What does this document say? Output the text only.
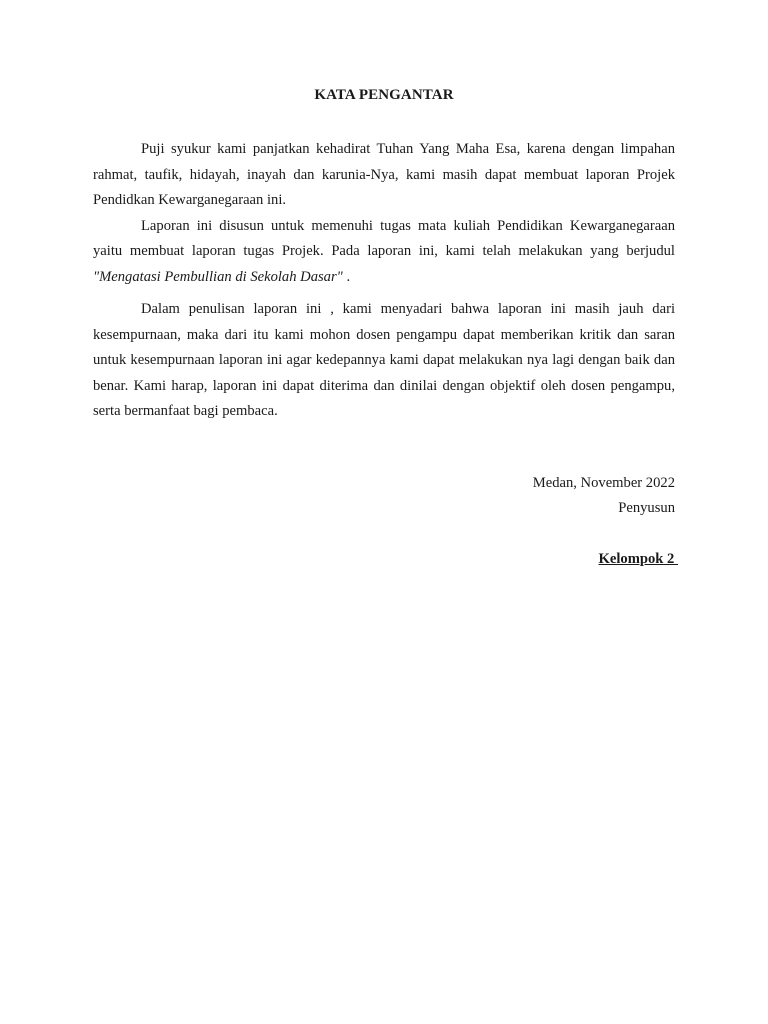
KATA PENGANTAR

Puji syukur kami panjatkan kehadirat Tuhan Yang Maha Esa, karena dengan limpahan rahmat, taufik, hidayah, inayah dan karunia-Nya, kami masih dapat membuat laporan Projek Pendidkan Kewarganegaraan ini.

Laporan ini disusun untuk memenuhi tugas mata kuliah Pendidikan Kewarganegaraan yaitu membuat laporan tugas Projek. Pada laporan ini, kami telah melakukan yang berjudul "Mengatasi Pembullian di Sekolah Dasar" .

Dalam penulisan laporan ini , kami menyadari bahwa laporan ini masih jauh dari kesempurnaan, maka dari itu kami mohon dosen pengampu dapat memberikan kritik dan saran untuk kesempurnaan laporan ini agar kedepannya kami dapat melakukan nya lagi dengan baik dan benar. Kami harap, laporan ini dapat diterima dan dinilai dengan objektif oleh dosen pengampu, serta bermanfaat bagi pembaca.

Medan, November 2022
Penyusun
Kelompok 2
